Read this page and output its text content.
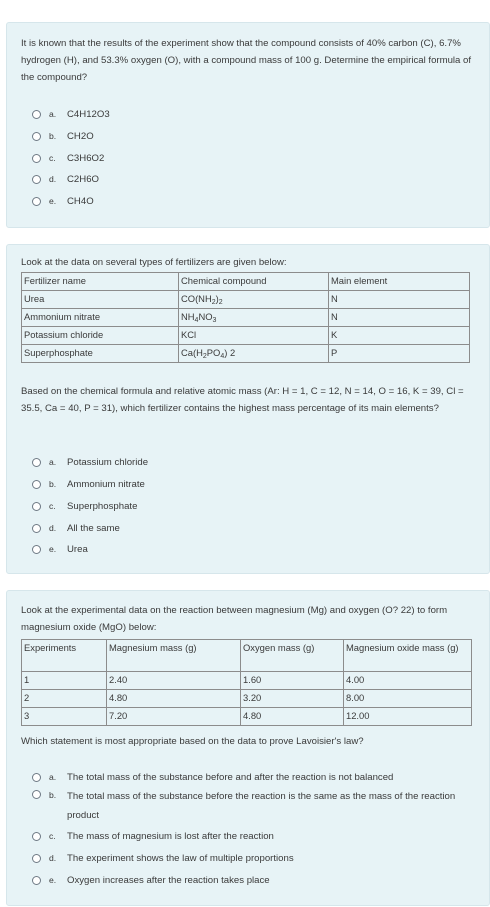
It is known that the results of the experiment show that the compound consists of 40% carbon (C), 6.7% hydrogen (H), and 53.3% oxygen (O), with a compound mass of 100 g. Determine the empirical formula of the compound?
a.	C4H12O3
b.	CH2O
c.	C3H6O2
d.	C2H6O
e.	CH4O
Look at the data on several types of fertilizers are given below:
Fertilizer name	Chemical compound	Main element
Urea	$CO(NH_2)_2$	N
Ammonium nitrate	$NH_4NO_3$	N
Potassium chloride	KCl	K
Superphosphate	$Ca(H_2PO_4)$ 2	P
Based on the chemical formula and relative atomic mass (Ar: H = 1, C = 12, N = 14, O = 16, K = 39, Cl = 35.5, Ca = 40, P = 31), which fertilizer contains the highest mass percentage of its main elements?
a.	Potassium chloride
b.	Ammonium nitrate
c.	Superphosphate
d.	All the same
e.	Urea
Look at the experimental data on the reaction between magnesium (Mg) and oxygen (O? 22) to form magnesium oxide (MgO) below:
Experiments	Magnesium mass (g)	Oxygen mass (g)	Magnesium oxide mass (g)
1	2.40	1.60	4.00
2	4.80	3.20	8.00
3	7.20	4.80	12.00
Which statement is most appropriate based on the data to prove Lavoisier's law?
a.	The total mass of the substance before and after the reaction is not balanced
b.	The total mass of the substance before the reaction is the same as the mass of the reaction product
c.	The mass of magnesium is lost after the reaction
d.	The experiment shows the law of multiple proportions
e.	Oxygen increases after the reaction takes place
